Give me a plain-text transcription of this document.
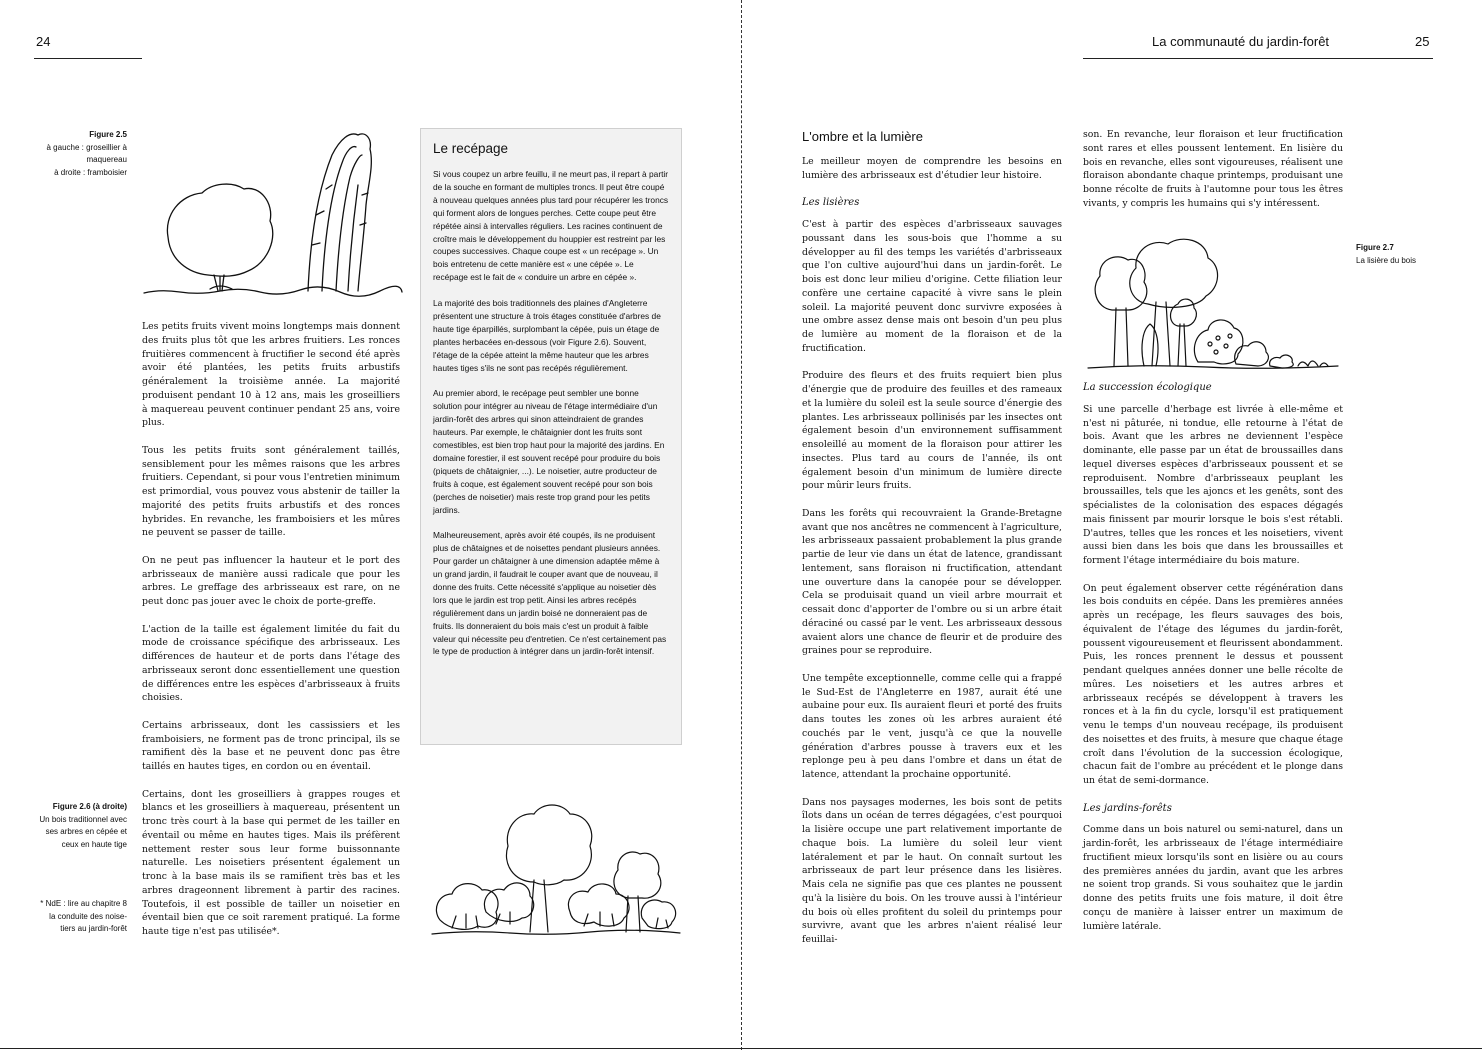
24
Figure 2.5
à gauche : groseillier à
maquereau
à droite : framboisier

Les petits fruits vivent moins longtemps mais donnent des fruits plus tôt que les arbres fruitiers. Les ronces fruitières commencent à fructifier le second été après avoir été plantées, les petits fruits arbustifs généralement la troisième année. La majorité produisent pendant 10 à 12 ans, mais les groseilliers à maquereau peuvent continuer pendant 25 ans, voire plus.

Tous les petits fruits sont généralement taillés, sensiblement pour les mêmes raisons que les arbres fruitiers. Cependant, si pour vous l'entretien minimum est primordial, vous pouvez vous abstenir de tailler la majorité des petits fruits arbustifs et des ronces hybrides. En revanche, les framboisiers et les mûres ne peuvent se passer de taille.

On ne peut pas influencer la hauteur et le port des arbrisseaux de manière aussi radicale que pour les arbres. Le greffage des arbrisseaux est rare, on ne peut donc pas jouer avec le choix de porte-greffe.

L'action de la taille est également limitée du fait du mode de croissance spécifique des arbrisseaux. Les différences de hauteur et de ports dans l'étage des arbrisseaux seront donc essentiellement une question de différences entre les espèces d'arbrisseaux à fruits choisies.

Certains arbrisseaux, dont les cassissiers et les framboisiers, ne forment pas de tronc principal, ils se ramifient dès la base et ne peuvent donc pas être taillés en hautes tiges, en cordon ou en éventail.

Certains, dont les groseilliers à grappes rouges et blancs et les groseilliers à maquereau, présentent un tronc très court à la base qui permet de les tailler en éventail ou même en hautes tiges. Mais ils préfèrent nettement rester sous leur forme buissonnante naturelle. Les noisetiers présentent également un tronc à la base mais ils se ramifient très bas et les arbres drageonnent librement à partir des racines. Toutefois, il est possible de tailler un noisetier en éventail bien que ce soit rarement pratiqué. La forme haute tige n'est pas utilisée*.

Figure 2.6 (à droite)
Un bois traditionnel avec
ses arbres en cépée et
ceux en haute tige
* NdE : lire au chapitre 8
la conduite des noise-
tiers au jardin-forêt
Le recépage

Si vous coupez un arbre feuillu, il ne meurt pas, il repart à partir de la souche en formant de multiples troncs. Il peut être coupé à nouveau quelques années plus tard pour récupérer les troncs qui forment alors de longues perches. Cette coupe peut être répétée ainsi à intervalles réguliers. Les racines continuent de croître mais le développement du houppier est restreint par les coupes successives. Chaque coupe est « un recépage ». Un bois entretenu de cette manière est « une cépée ». Le recépage est le fait de « conduire un arbre en cépée ».

La majorité des bois traditionnels des plaines d'Angleterre présentent une structure à trois étages constituée d'arbres de haute tige éparpillés, surplombant la cépée, puis un étage de plantes herbacées en-dessous (voir Figure 2.6). Souvent, l'étage de la cépée atteint la même hauteur que les arbres hautes tiges s'ils ne sont pas recépés régulièrement.

Au premier abord, le recépage peut sembler une bonne solution pour intégrer au niveau de l'étage intermédiaire d'un jardin-forêt des arbres qui sinon atteindraient de grandes hauteurs. Par exemple, le châtaignier dont les fruits sont comestibles, est bien trop haut pour la majorité des jardins. En domaine forestier, il est souvent recépé pour produire du bois (piquets de châtaignier, ...). Le noisetier, autre producteur de fruits à coque, est également souvent recépé pour son bois (perches de noisetier) mais reste trop grand pour les petits jardins.

Malheureusement, après avoir été coupés, ils ne produisent plus de châtaignes et de noisettes pendant plusieurs années. Pour garder un châtaigner à une dimension adaptée même à un grand jardin, il faudrait le couper avant que de nouveau, il donne des fruits. Cette nécessité s'applique au noisetier dès lors que le jardin est trop petit. Ainsi les arbres recépés régulièrement dans un jardin boisé ne donneraient pas de fruits. Ils donneraient du bois mais c'est un produit à faible valeur qui nécessite peu d'entretien. Ce n'est certainement pas le type de production à intégrer dans un jardin-forêt intensif.

La communauté du jardin-forêt	25
L'ombre et la lumière

Le meilleur moyen de comprendre les besoins en lumière des arbrisseaux est d'étudier leur histoire.

Les lisières

C'est à partir des espèces d'arbrisseaux sauvages poussant dans les sous-bois que l'homme a su développer au fil des temps les variétés d'arbrisseaux que l'on cultive aujourd'hui dans un jardin-forêt. Le bois est donc leur milieu d'origine. Cette filiation leur confère une certaine capacité à vivre sans le plein soleil. La majorité peuvent donc survivre exposées à une ombre assez dense mais ont besoin d'un peu plus de lumière au moment de la floraison et de la fructification.

Produire des fleurs et des fruits requiert bien plus d'énergie que de produire des feuilles et des rameaux et la lumière du soleil est la seule source d'énergie des plantes. Les arbrisseaux pollinisés par les insectes ont également besoin d'un environnement suffisamment ensoleillé au moment de la floraison pour attirer les insectes. Plus tard au cours de l'année, ils ont également besoin d'un minimum de lumière directe pour mûrir leurs fruits.

Dans les forêts qui recouvraient la Grande-Bretagne avant que nos ancêtres ne commencent à l'agriculture, les arbrisseaux passaient probablement la plus grande partie de leur vie dans un état de latence, grandissant lentement, sans floraison ni fructification, attendant une ouverture dans la canopée pour se développer. Cela se produisait quand un vieil arbre mourrait et cessait donc d'apporter de l'ombre ou si un arbre était déraciné ou cassé par le vent. Les arbrisseaux dessous avaient alors une chance de fleurir et de produire des graines pour se reproduire.

Une tempête exceptionnelle, comme celle qui a frappé le Sud-Est de l'Angleterre en 1987, aurait été une aubaine pour eux. Ils auraient fleuri et porté des fruits dans toutes les zones où les arbres auraient été couchés par le vent, jusqu'à ce que la nouvelle génération d'arbres pousse à travers eux et les replonge peu à peu dans l'ombre et dans un état de latence, attendant la prochaine opportunité.

Dans nos paysages modernes, les bois sont de petits îlots dans un océan de terres dégagées, c'est pourquoi la lisière occupe une part relativement importante de chaque bois. La lumière du soleil leur vient latéralement et par le haut. On connaît surtout les arbrisseaux de part leur présence dans les lisières. Mais cela ne signifie pas que ces plantes ne poussent qu'à la lisière du bois. On les trouve aussi à l'intérieur du bois où elles profitent du soleil du printemps pour survivre, avant que les arbres n'aient réalisé leur feuillai-

son. En revanche, leur floraison et leur fructification sont rares et elles poussent lentement. En lisière du bois en revanche, elles sont vigoureuses, réalisent une floraison abondante chaque printemps, produisant une bonne récolte de fruits à l'automne pour tous les êtres vivants, y compris les humains qui s'y intéressent.

Figure 2.7
La lisière du bois
La succession écologique

Si une parcelle d'herbage est livrée à elle-même et n'est ni pâturée, ni tondue, elle retourne à l'état de bois. Avant que les arbres ne deviennent l'espèce dominante, elle passe par un état de broussailles dans lequel diverses espèces d'arbrisseaux poussent et se reproduisent. Nombre d'arbrisseaux peuplant les broussailles, tels que les ajoncs et les genêts, sont des spécialistes de la colonisation des espaces dégagés mais finissent par mourir lorsque le bois s'est rétabli. D'autres, telles que les ronces et les noisetiers, vivent aussi bien dans les bois que dans les broussailles et forment l'étage intermédiaire du bois mature.

On peut également observer cette régénération dans les bois conduits en cépée. Dans les premières années après un recépage, les fleurs sauvages des bois, équivalent de l'étage des légumes du jardin-forêt, poussent vigoureusement et fleurissent abondamment. Puis, les ronces prennent le dessus et poussent pendant quelques années donner une belle récolte de mûres. Les noisetiers et les autres arbres et arbrisseaux recépés se développent à travers les ronces et à la fin du cycle, lorsqu'il est pratiquement venu le temps d'un nouveau recépage, ils produisent des noisettes et des fruits, à mesure que chaque étage croît dans l'évolution de la succession écologique, chacun fait de l'ombre au précédent et le plonge dans un état de semi-dormance.

Les jardins-forêts

Comme dans un bois naturel ou semi-naturel, dans un jardin-forêt, les arbrisseaux de l'étage intermédiaire fructifient mieux lorsqu'ils sont en lisière ou au cours des premières années du jardin, avant que les arbres ne soient trop grands. Si vous souhaitez que le jardin donne des petits fruits une fois mature, il doit être conçu de manière à laisser entrer un maximum de lumière latérale.
